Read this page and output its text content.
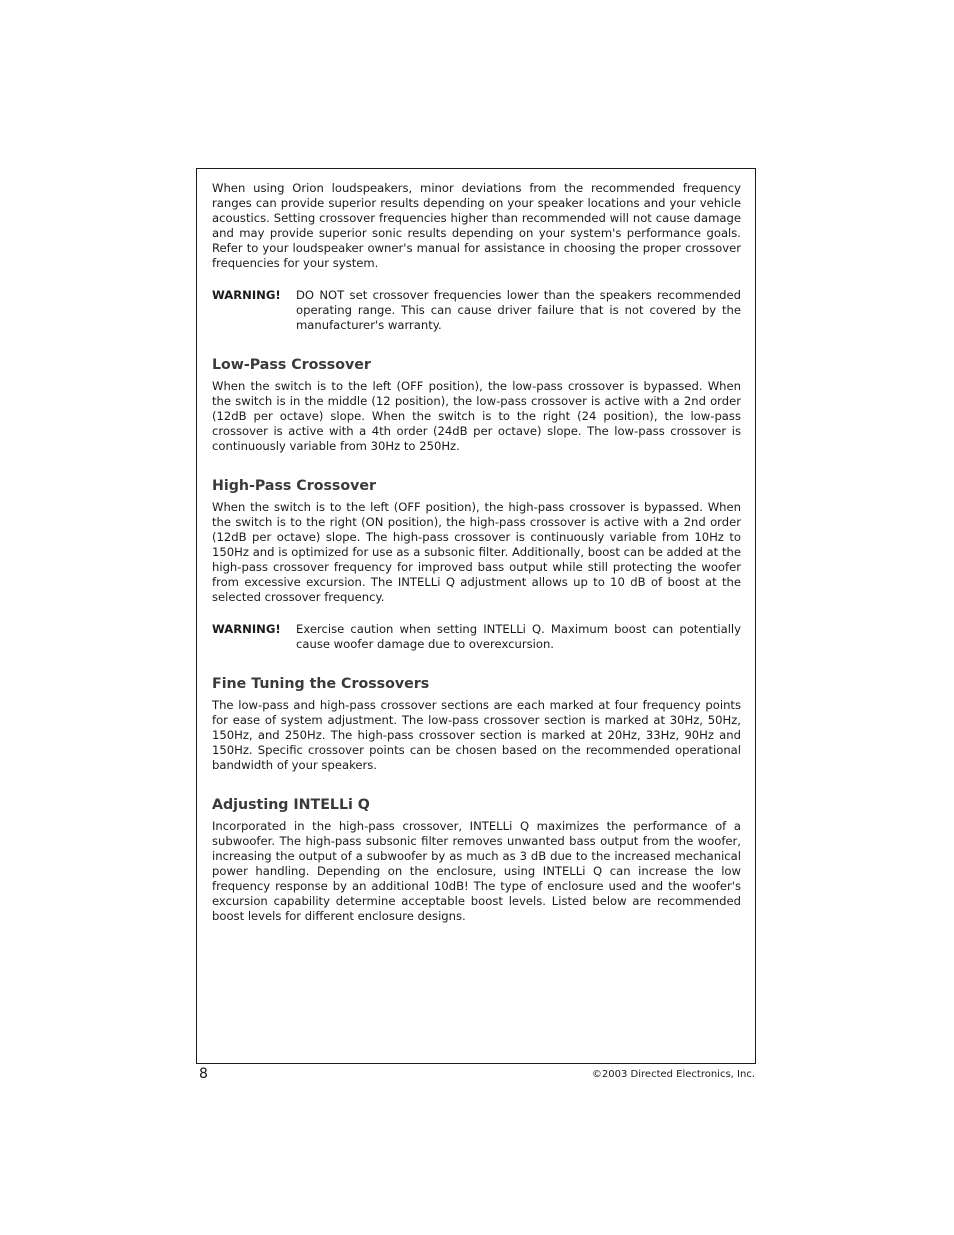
When using Orion loudspeakers, minor deviations from the recommended frequency ranges can provide superior results depending on your speaker locations and your vehicle acoustics. Setting crossover frequencies higher than recommended will not cause damage and may provide superior sonic results depending on your system's performance goals. Refer to your loudspeaker owner's manual for assistance in choosing the proper crossover frequencies for your system.

WARNING!	DO NOT set crossover frequencies lower than the speakers recommended operating range. This can cause driver failure that is not covered by the manufacturer's warranty.

Low-Pass Crossover

When the switch is to the left (OFF position), the low-pass crossover is bypassed. When the switch is in the middle (12 position), the low-pass crossover is active with a 2nd order (12dB per octave) slope. When the switch is to the right (24 position), the low-pass crossover is active with a 4th order (24dB per octave) slope. The low-pass crossover is continuously variable from 30Hz to 250Hz.

High-Pass Crossover

When the switch is to the left (OFF position), the high-pass crossover is bypassed. When the switch is to the right (ON position), the high-pass crossover is active with a 2nd order (12dB per octave) slope. The high-pass crossover is continuously variable from 10Hz to 150Hz and is optimized for use as a subsonic filter. Additionally, boost can be added at the high-pass crossover frequency for improved bass output while still protecting the woofer from excessive excursion. The INTELLi Q adjustment allows up to 10 dB of boost at the selected crossover frequency.

WARNING!	Exercise caution when setting INTELLi Q. Maximum boost can potentially cause woofer damage due to overexcursion.

Fine Tuning the Crossovers

The low-pass and high-pass crossover sections are each marked at four frequency points for ease of system adjustment. The low-pass crossover section is marked at 30Hz, 50Hz, 150Hz, and 250Hz. The high-pass crossover section is marked at 20Hz, 33Hz, 90Hz and 150Hz. Specific crossover points can be chosen based on the recommended operational bandwidth of your speakers.

Adjusting INTELLi Q

Incorporated in the high-pass crossover, INTELLi Q maximizes the performance of a subwoofer. The high-pass subsonic filter removes unwanted bass output from the woofer, increasing the output of a subwoofer by as much as 3 dB due to the increased mechanical power handling. Depending on the enclosure, using INTELLi Q can increase the low frequency response by an additional 10dB! The type of enclosure used and the woofer's excursion capability determine acceptable boost levels. Listed below are recommended boost levels for different enclosure designs.

8	©2003 Directed Electronics, Inc.
